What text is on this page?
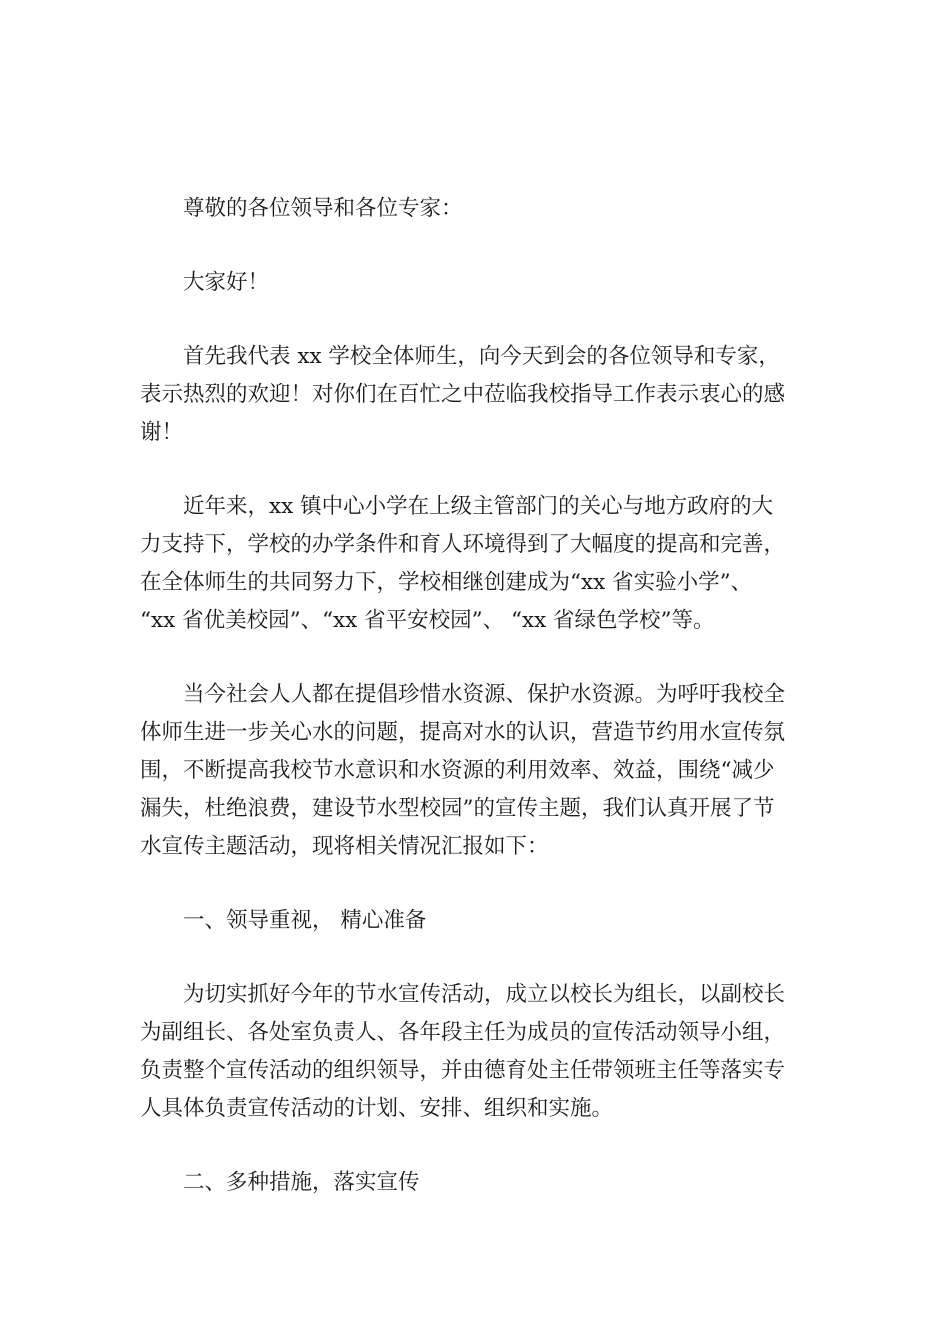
尊敬的各位领导和各位专家：

大家好！

首先我代表 xx 学校全体师生，向今天到会的各位领导和专家，
表示热烈的欢迎！对你们在百忙之中莅临我校指导工作表示衷心的感
谢！

近年来，xx 镇中心小学在上级主管部门的关心与地方政府的大
力支持下，学校的办学条件和育人环境得到了大幅度的提高和完善，
在全体师生的共同努力下，学校相继创建成为“xx 省实验小学”、
“xx 省优美校园”、“xx 省平安校园”、 “xx 省绿色学校”等。

当今社会人人都在提倡珍惜水资源、保护水资源。为呼吁我校全
体师生进一步关心水的问题，提高对水的认识，营造节约用水宣传氛
围，不断提高我校节水意识和水资源的利用效率、效益，围绕“减少
漏失，杜绝浪费，建设节水型校园”的宣传主题，我们认真开展了节
水宣传主题活动，现将相关情况汇报如下：

一、领导重视， 精心准备

为切实抓好今年的节水宣传活动，成立以校长为组长，以副校长
为副组长、各处室负责人、各年段主任为成员的宣传活动领导小组，
负责整个宣传活动的组织领导，并由德育处主任带领班主任等落实专
人具体负责宣传活动的计划、安排、组织和实施。

二、多种措施，落实宣传
